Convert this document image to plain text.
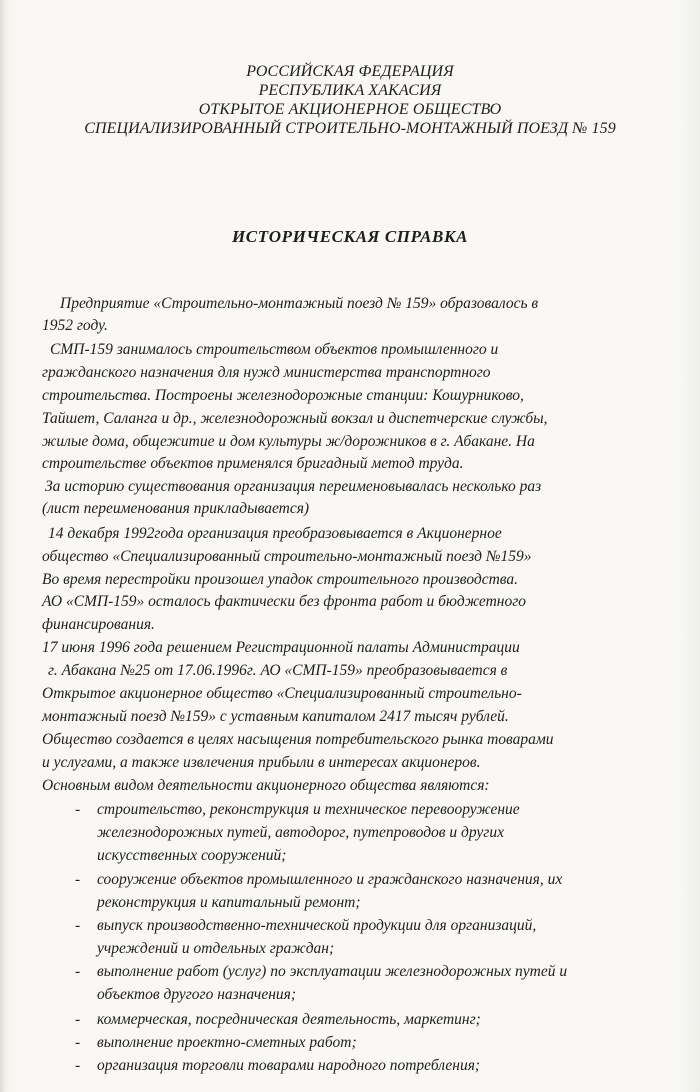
РОССИЙСКАЯ ФЕДЕРАЦИЯ
РЕСПУБЛИКА ХАКАСИЯ
ОТКРЫТОЕ АКЦИОНЕРНОЕ ОБЩЕСТВО
СПЕЦИАЛИЗИРОВАННЫЙ СТРОИТЕЛЬНО-МОНТАЖНЫЙ ПОЕЗД № 159
ИСТОРИЧЕСКАЯ СПРАВКА
Предприятие «Строительно-монтажный поезд № 159» образовалось в
1952 году.
СМП-159 занималось строительством объектов промышленного и
гражданского назначения для нужд министерства транспортного
строительства. Построены железнодорожные станции: Кошурниково,
Тайшет, Саланга и др., железнодорожный вокзал и диспетчерские службы,
жилые дома, общежитие и дом культуры ж/дорожников в г. Абакане. На
строительстве объектов применялся бригадный метод труда.
За историю существования организация переименовывалась несколько раз
(лист переименования прикладывается)
14 декабря 1992года организация преобразовывается в Акционерное
общество «Специализированный строительно-монтажный поезд №159»
Во время перестройки произошел упадок строительного производства.
АО «СМП-159» осталось фактически без фронта работ и бюджетного
финансирования.
17 июня 1996 года решением Регистрационной палаты Администрации
г. Абакана №25 от 17.06.1996г. АО «СМП-159» преобразовывается в
Открытое акционерное общество «Специализированный строительно-
монтажный поезд №159» с уставным капиталом 2417 тысяч рублей.
Общество создается в целях насыщения потребительского рынка товарами
и услугами, а также извлечения прибыли в интересах акционеров.
Основным видом деятельности акционерного общества являются:
- строительство, реконструкция и техническое перевооружение
железнодорожных путей, автодорог, путепроводов и других
искусственных сооружений;
- сооружение объектов промышленного и гражданского назначения, их
реконструкция и капитальный ремонт;
- выпуск производственно-технической продукции для организаций,
учреждений и отдельных граждан;
- выполнение работ (услуг) по эксплуатации железнодорожных путей и
объектов другого назначения;
- коммерческая, посредническая деятельность, маркетинг;
- выполнение проектно-сметных работ;
- организация торговли товарами народного потребления;
